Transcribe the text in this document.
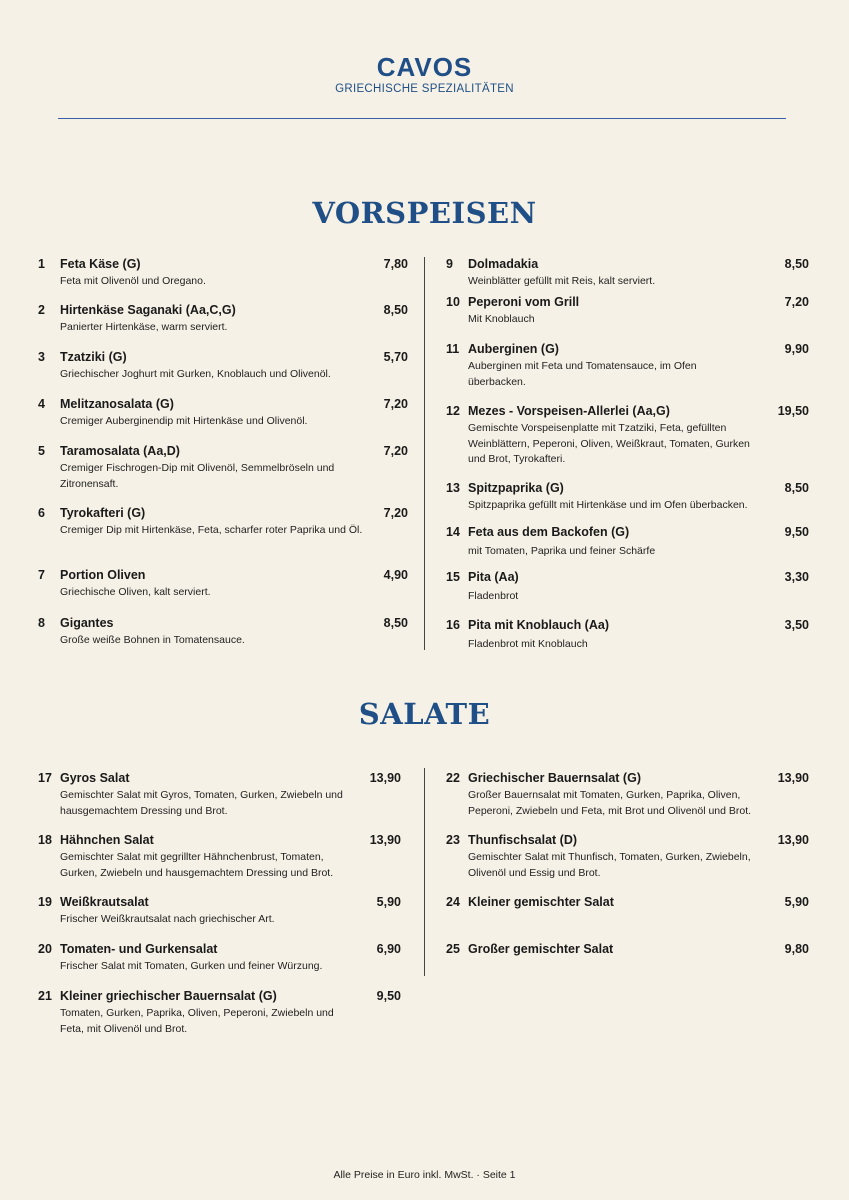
CAVOS
GRIECHISCHE SPEZIALITÄTEN
VORSPEISEN
1	Feta Käse (G)	7,80
Feta mit Olivenöl und Oregano.
2	Hirtenkäse Saganaki (Aa,C,G)	8,50
Panierter Hirtenkäse, warm serviert.
3	Tzatziki (G)	5,70
Griechischer Joghurt mit Gurken, Knoblauch und Olivenöl.
4	Melitzanosalata (G)	7,20
Cremiger Auberginendip mit Hirtenkäse und Olivenöl.
5	Taramosalata (Aa,D)	7,20
Cremiger Fischrogen-Dip mit Olivenöl, Semmelbröseln und Zitronensaft.
6	Tyrokafteri (G)	7,20
Cremiger Dip mit Hirtenkäse, Feta, scharfer roter Paprika und Öl.
7	Portion Oliven	4,90
Griechische Oliven, kalt serviert.
8	Gigantes	8,50
Große weiße Bohnen in Tomatensauce.
9	Dolmadakia	8,50
Weinblätter gefüllt mit Reis, kalt serviert.
10 Peperoni vom Grill	7,20
Mit Knoblauch
11 Auberginen (G)	9,90
Auberginen mit Feta und Tomatensauce, im Ofen überbacken.
12 Mezes - Vorspeisen-Allerlei (Aa,G)	19,50
Gemischte Vorspeisenplatte mit Tzatziki, Feta, gefüllten Weinblättern, Peperoni, Oliven, Weißkraut, Tomaten, Gurken und Brot, Tyrokafteri.
13 Spitzpaprika (G)	8,50
Spitzpaprika gefüllt mit Hirtenkäse und im Ofen überbacken.
14 Feta aus dem Backofen (G)	9,50
mit Tomaten, Paprika und feiner Schärfe
15 Pita (Aa)	3,30
Fladenbrot
16 Pita mit Knoblauch (Aa)	3,50
Fladenbrot mit Knoblauch
SALATE
17 Gyros Salat	13,90
Gemischter Salat mit Gyros, Tomaten, Gurken, Zwiebeln und hausgemachtem Dressing und Brot.
18 Hähnchen Salat	13,90
Gemischter Salat mit gegrillter Hähnchenbrust, Tomaten, Gurken, Zwiebeln und hausgemachtem Dressing und Brot.
19 Weißkrautsalat	5,90
Frischer Weißkrautsalat nach griechischer Art.
20 Tomaten- und Gurkensalat	6,90
Frischer Salat mit Tomaten, Gurken und feiner Würzung.
21 Kleiner griechischer Bauernsalat (G)	9,50
Tomaten, Gurken, Paprika, Oliven, Peperoni, Zwiebeln und Feta, mit Olivenöl und Brot.
22 Griechischer Bauernsalat (G)	13,90
Großer Bauernsalat mit Tomaten, Gurken, Paprika, Oliven, Peperoni, Zwiebeln und Feta, mit Brot und Olivenöl und Brot.
23 Thunfischsalat (D)	13,90
Gemischter Salat mit Thunfisch, Tomaten, Gurken, Zwiebeln, Olivenöl und Essig und Brot.
24 Kleiner gemischter Salat	5,90
25 Großer gemischter Salat	9,80
Alle Preise in Euro inkl. MwSt. · Seite 1
